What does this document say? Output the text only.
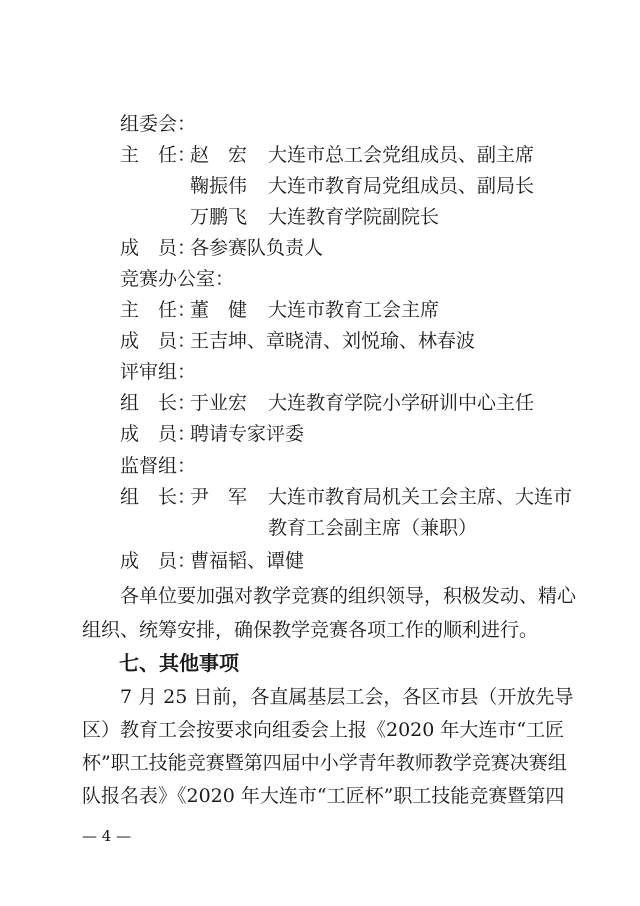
组委会：
主　任：
赵　宏 大连市总工会党组成员、副主席
鞠振伟 大连市教育局党组成员、副局长
万鹏飞 大连教育学院副院长
成　员：
各参赛队负责人
竞赛办公室：
主　任：
董　健 大连市教育工会主席
成　员：
王吉坤、章晓清、刘悦瑜、林春波
评审组：
组　长：
于业宏 大连教育学院小学研训中心主任
成　员：
聘请专家评委
监督组：
组　长：
尹　军 大连市教育局机关工会主席、大连市
教育工会副主席（兼职）
成　员：
曹福韬、谭健
各单位要加强对教学竞赛的组织领导，积极发动、精心
组织、统筹安排，确保教学竞赛各项工作的顺利进行。
七、其他事项
7 月 25 日前，各直属基层工会，各区市县（开放先导
区）教育工会按要求向组委会上报《2020 年大连市“工匠
杯”职工技能竞赛暨第四届中小学青年教师教学竞赛决赛组
队报名表》《2020 年大连市“工匠杯”职工技能竞赛暨第四
— 4 —
